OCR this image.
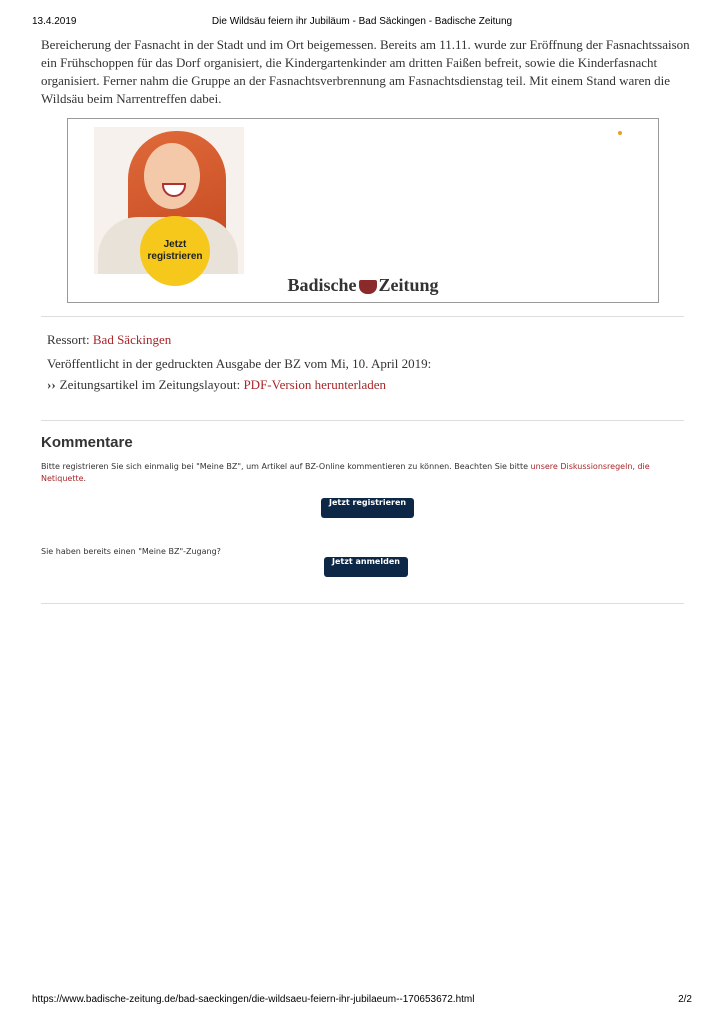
13.4.2019	Die Wildsäu feiern ihr Jubiläum - Bad Säckingen - Badische Zeitung

Bereicherung der Fasnacht in der Stadt und im Ort beigemessen. Bereits am 11.11. wurde zur Eröffnung der Fasnachtssaison ein Frühschoppen für das Dorf organisiert, die Kindergartenkinder am dritten Faißen befreit, sowie die Kinderfasnacht organisiert. Ferner nahm die Gruppe an der Fasnachtsverbrennung am Fasnachtsdienstag teil. Mit einem Stand waren die Wildsäu beim Narrentreffen dabei.

Jetzt
registrieren
Badische Zeitung
Ressort: Bad Säckingen
Veröffentlicht in der gedruckten Ausgabe der BZ vom Mi, 10. April 2019:
›› Zeitungsartikel im Zeitungslayout: PDF-Version herunterladen
Kommentare
Bitte registrieren Sie sich einmalig bei "Meine BZ", um Artikel auf BZ-Online kommentieren zu können. Beachten Sie bitte unsere Diskussionsregeln, die Netiquette.
Jetzt registrieren
Sie haben bereits einen "Meine BZ"-Zugang?
Jetzt anmelden
https://www.badische-zeitung.de/bad-saeckingen/die-wildsaeu-feiern-ihr-jubilaeum--170653672.html	2/2
